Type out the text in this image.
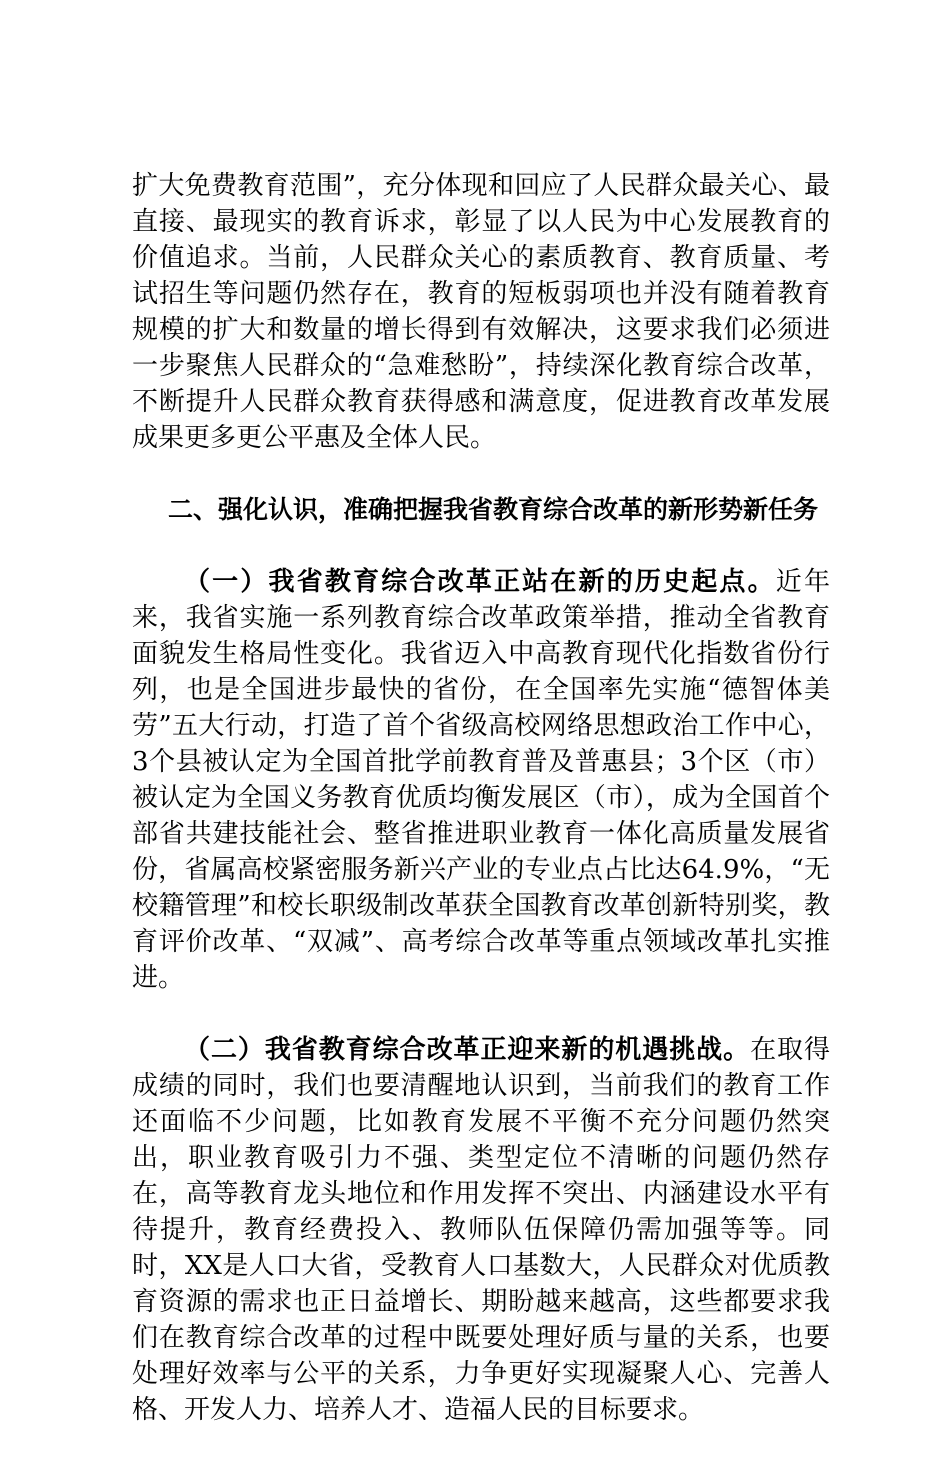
扩大免费教育范围”，充分体现和回应了人民群众最关心、最直接、最现实的教育诉求，彰显了以人民为中心发展教育的价值追求。当前，人民群众关心的素质教育、教育质量、考试招生等问题仍然存在，教育的短板弱项也并没有随着教育规模的扩大和数量的增长得到有效解决，这要求我们必须进一步聚焦人民群众的“急难愁盼”，持续深化教育综合改革，不断提升人民群众教育获得感和满意度，促进教育改革发展成果更多更公平惠及全体人民。

二、强化认识，准确把握我省教育综合改革的新形势新任务

（一）我省教育综合改革正站在新的历史起点。近年来，我省实施一系列教育综合改革政策举措，推动全省教育面貌发生格局性变化。我省迈入中高教育现代化指数省份行列，也是全国进步最快的省份，在全国率先实施“德智体美劳”五大行动，打造了首个省级高校网络思想政治工作中心，3个县被认定为全国首批学前教育普及普惠县；3个区（市）被认定为全国义务教育优质均衡发展区（市），成为全国首个部省共建技能社会、整省推进职业教育一体化高质量发展省份，省属高校紧密服务新兴产业的专业点占比达64.9%，“无校籍管理”和校长职级制改革获全国教育改革创新特别奖，教育评价改革、“双减”、高考综合改革等重点领域改革扎实推进。

（二）我省教育综合改革正迎来新的机遇挑战。在取得成绩的同时，我们也要清醒地认识到，当前我们的教育工作还面临不少问题，比如教育发展不平衡不充分问题仍然突出，职业教育吸引力不强、类型定位不清晰的问题仍然存在，高等教育龙头地位和作用发挥不突出、内涵建设水平有待提升，教育经费投入、教师队伍保障仍需加强等等。同时，XX是人口大省，受教育人口基数大，人民群众对优质教育资源的需求也正日益增长、期盼越来越高，这些都要求我们在教育综合改革的过程中既要处理好质与量的关系，也要处理好效率与公平的关系，力争更好实现凝聚人心、完善人格、开发人力、培养人才、造福人民的目标要求。
